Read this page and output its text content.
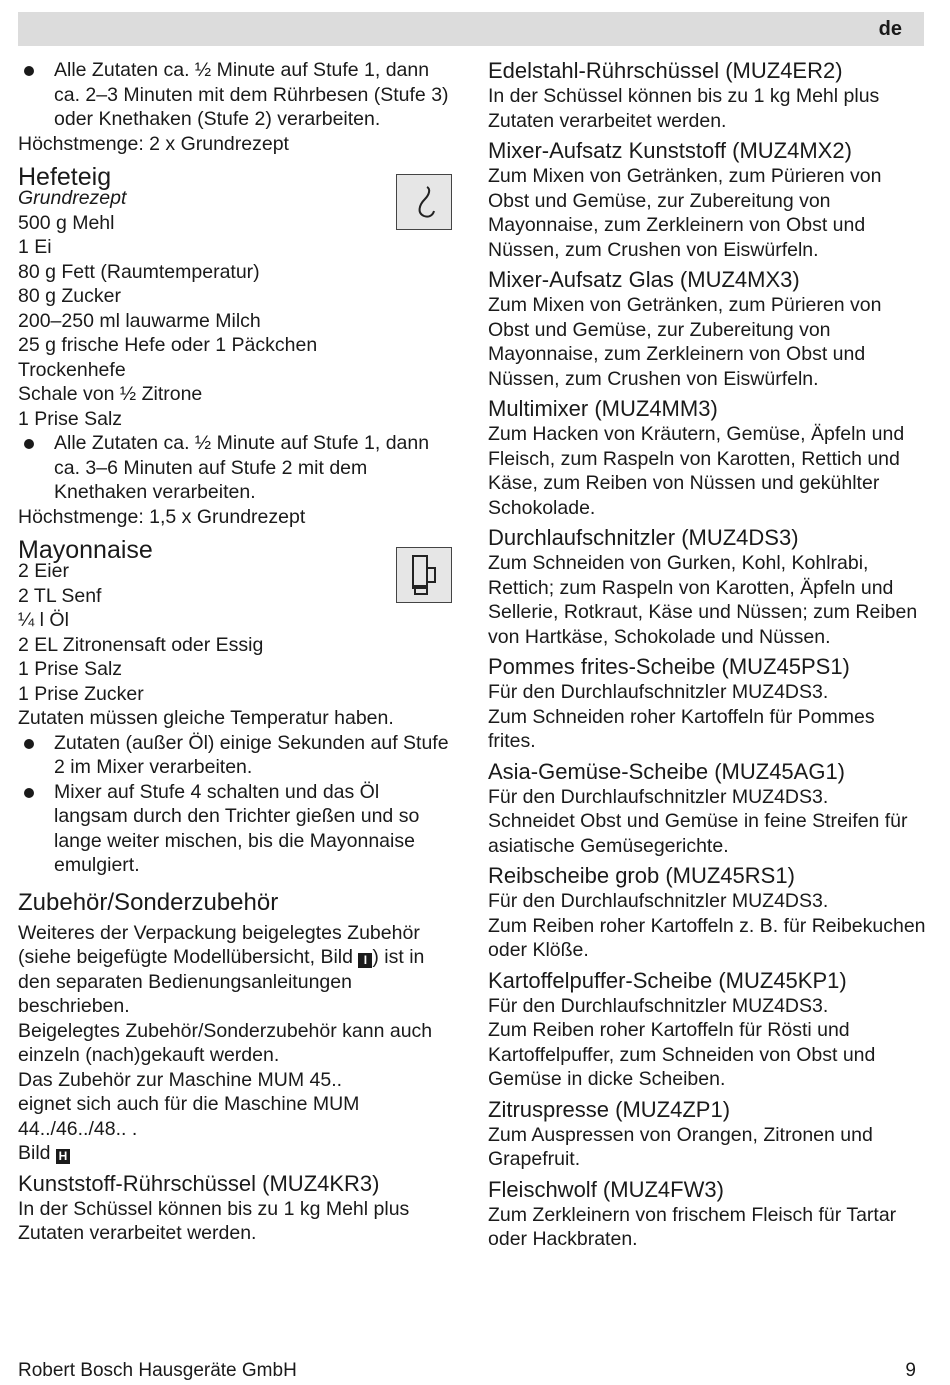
de

Alle Zutaten ca. ½ Minute auf Stufe 1, dann ca. 2–3 Minuten mit dem Rührbesen (Stufe 3) oder Knethaken (Stufe 2) verarbeiten.

Höchstmenge: 2 x Grundrezept

Hefeteig
Grundrezept

500 g Mehl

1 Ei

80 g Fett (Raumtemperatur)

80 g Zucker

200–250 ml lauwarme Milch

25 g frische Hefe oder 1 Päckchen Trockenhefe

Schale von ½ Zitrone

1 Prise Salz

Alle Zutaten ca. ½ Minute auf Stufe 1, dann ca. 3–6 Minuten auf Stufe 2 mit dem Knethaken verarbeiten.

Höchstmenge: 1,5 x Grundrezept

Mayonnaise

2 Eier

2 TL Senf

¼ l Öl

2 EL Zitronensaft oder Essig

1 Prise Salz

1 Prise Zucker

Zutaten müssen gleiche Temperatur haben.

Zutaten (außer Öl) einige Sekunden auf Stufe 2 im Mixer verarbeiten.

Mixer auf Stufe 4 schalten und das Öl langsam durch den Trichter gießen und so lange weiter mischen, bis die Mayonnaise emulgiert.

Zubehör/Sonderzubehör

Weiteres der Verpackung beigelegtes Zubehör (siehe beigefügte Modellübersicht, Bild I ) ist in den separaten Bedienungsanleitungen beschrieben.

Beigelegtes Zubehör/Sonderzubehör kann auch einzeln (nach)gekauft werden.

Das Zubehör zur Maschine MUM 45.. eignet sich auch für die Maschine MUM 44../46../48.. .

Bild H

Kunststoff-Rührschüssel (MUZ4KR3)

In der Schüssel können bis zu 1 kg Mehl plus Zutaten verarbeitet werden.

Edelstahl-Rührschüssel (MUZ4ER2)

In der Schüssel können bis zu 1 kg Mehl plus Zutaten verarbeitet werden.

Mixer-Aufsatz Kunststoff (MUZ4MX2)

Zum Mixen von Getränken, zum Pürieren von Obst und Gemüse, zur Zubereitung von Mayonnaise, zum Zerkleinern von Obst und Nüssen, zum Crushen von Eiswürfeln.

Mixer-Aufsatz Glas (MUZ4MX3)

Zum Mixen von Getränken, zum Pürieren von Obst und Gemüse, zur Zubereitung von Mayonnaise, zum Zerkleinern von Obst und Nüssen, zum Crushen von Eiswürfeln.

Multimixer (MUZ4MM3)

Zum Hacken von Kräutern, Gemüse, Äpfeln und Fleisch, zum Raspeln von Karotten, Rettich und Käse, zum Reiben von Nüssen und gekühlter Schokolade.

Durchlaufschnitzler (MUZ4DS3)

Zum Schneiden von Gurken, Kohl, Kohlrabi, Rettich; zum Raspeln von Karotten, Äpfeln und Sellerie, Rotkraut, Käse und Nüssen; zum Reiben von Hartkäse, Schokolade und Nüssen.

Pommes frites-Scheibe (MUZ45PS1)

Für den Durchlaufschnitzler MUZ4DS3.

Zum Schneiden roher Kartoffeln für Pommes frites.

Asia-Gemüse-Scheibe (MUZ45AG1)

Für den Durchlaufschnitzler MUZ4DS3.

Schneidet Obst und Gemüse in feine Streifen für asiatische Gemüsegerichte.

Reibscheibe grob (MUZ45RS1)

Für den Durchlaufschnitzler MUZ4DS3.

Zum Reiben roher Kartoffeln z. B. für Reibekuchen oder Klöße.

Kartoffelpuffer-Scheibe (MUZ45KP1)

Für den Durchlaufschnitzler MUZ4DS3.

Zum Reiben roher Kartoffeln für Rösti und Kartoffelpuffer, zum Schneiden von Obst und Gemüse in dicke Scheiben.

Zitruspresse (MUZ4ZP1)

Zum Auspressen von Orangen, Zitronen und Grapefruit.

Fleischwolf (MUZ4FW3)

Zum Zerkleinern von frischem Fleisch für Tartar oder Hackbraten.

Robert Bosch Hausgeräte GmbH	9
